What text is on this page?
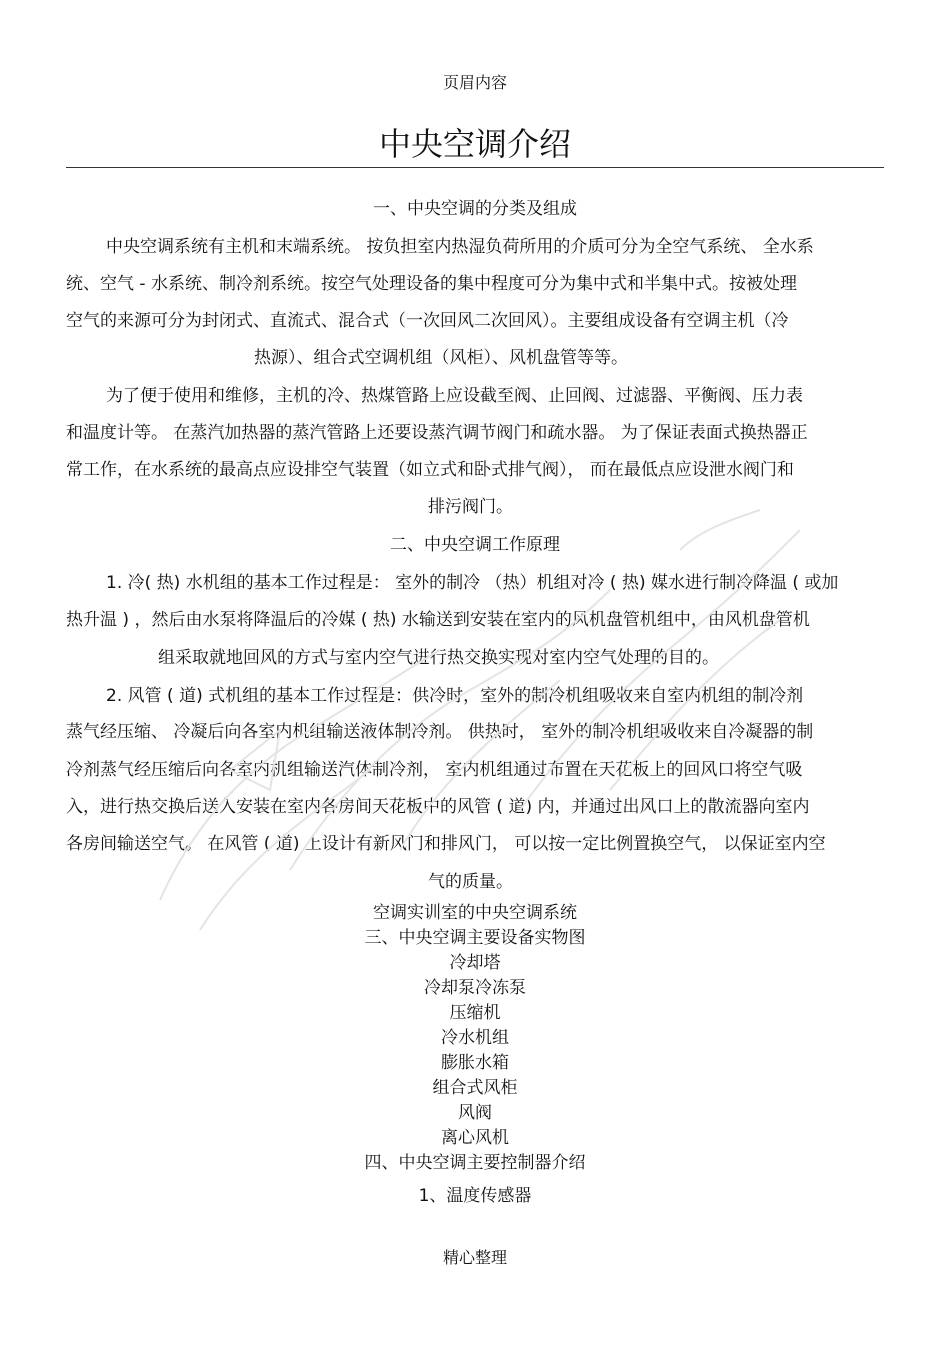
页眉内容
中央空调介绍
一、中央空调的分类及组成
中央空调系统有主机和末端系统。 按负担室内热湿负荷所用的介质可分为全空气系统、 全水系
统、空气 - 水系统、制冷剂系统。按空气处理设备的集中程度可分为集中式和半集中式。按被处理
空气的来源可分为封闭式、直流式、混合式（一次回风二次回风）。主要组成设备有空调主机（冷
热源）、组合式空调机组（风柜）、风机盘管等等。
为了便于使用和维修，主机的冷、热煤管路上应设截至阀、止回阀、过滤器、平衡阀、压力表
和温度计等。 在蒸汽加热器的蒸汽管路上还要设蒸汽调节阀门和疏水器。 为了保证表面式换热器正
常工作，在水系统的最高点应设排空气装置（如立式和卧式排气阀）， 而在最低点应设泄水阀门和
排污阀门。
二、中央空调工作原理
1. 冷( 热) 水机组的基本工作过程是： 室外的制冷 （热）机组对冷 ( 热) 媒水进行制冷降温 ( 或加
热升温 ) ，然后由水泵将降温后的冷媒 ( 热) 水输送到安装在室内的风机盘管机组中，由风机盘管机
组采取就地回风的方式与室内空气进行热交换实现对室内空气处理的目的。
2. 风管 ( 道) 式机组的基本工作过程是：供冷时，室外的制冷机组吸收来自室内机组的制冷剂
蒸气经压缩、 冷凝后向各室内机组输送液体制冷剂。 供热时， 室外的制冷机组吸收来自冷凝器的制
冷剂蒸气经压缩后向各室内机组输送汽体制冷剂， 室内机组通过布置在天花板上的回风口将空气吸
入，进行热交换后送入安装在室内各房间天花板中的风管 ( 道) 内，并通过出风口上的散流器向室内
各房间输送空气。 在风管 ( 道) 上设计有新风门和排风门， 可以按一定比例置换空气， 以保证室内空
气的质量。
空调实训室的中央空调系统
三、中央空调主要设备实物图
冷却塔
冷却泵冷冻泵
压缩机
冷水机组
膨胀水箱
组合式风柜
风阀
离心风机
四、中央空调主要控制器介绍
1、温度传感器
精心整理
